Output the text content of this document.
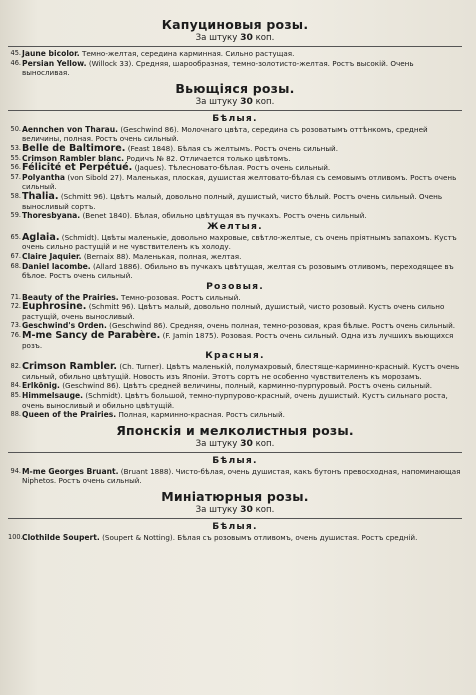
Капуциновыя розы.
За штуку 30 коп.
45. Jaune bicolor. Темно-желтая, середина карминная. Сильно растущая.
46. Persian Yellow. (Willock 33). Средняя, шарообразная, темно-золотисто-желтая. Ростъ высокій. Очень выносливая.
Вьющіяся розы.
За штуку 30 коп.
Бѣлыя.
50. Aennchen von Tharau. (Geschwind 86). Молочнаго цвѣта, середина съ розоватымъ оттѣнкомъ, средней величины, полная. Ростъ очень сильный.
53. Belle de Baltimore. (Feast 1848). Бѣлая съ желтымъ. Ростъ очень сильный.
55. Crimson Rambler blanc. Родичъ № 82. Отличается только цвѣтомъ.
56. Félicité et Perpétué. (Jaques). Тѣлесновато-бѣлая. Ростъ очень сильный.
57. Polyantha (von Sibold 27). Маленькая, плоская, душистая желтовато-бѣлая съ семовымъ отливомъ. Ростъ очень сильный.
58. Thalia. (Schmitt 96). Цвѣтъ малый, довольно полный, душистый, чисто бѣлый. Ростъ очень сильный. Очень выносливый сортъ.
59. Thoresbyana. (Benet 1840). Бѣлая, обильно цвѣтущая въ пучкахъ. Ростъ очень сильный.
Желтыя.
65. Aglaia. (Schmidt). Цвѣты маленькіе, довольно махровые, свѣтло-желтые, съ очень пріятнымъ запахомъ. Кустъ очень сильно растущій и не чувствителенъ къ холоду.
67. Claire Jaquier. (Bernaix 88). Маленькая, полная, желтая.
68. Daniel lacombe. (Allard 1886). Обильно въ пучкахъ цвѣтущая, желтая съ розовымъ отливомъ, переходящее въ бѣлое. Ростъ очень сильный.
Розовыя.
71. Beauty of the Prairies. Темно-розовая. Ростъ сильный.
72. Euphrosine. (Schmitt 96). Цвѣтъ малый, довольно полный, душистый, чисто розовый. Кустъ очень сильно растущій, очень выносливый.
73. Geschwind's Orden. (Geschwind 86). Средняя, очень полная, темно-розовая, края бѣлые. Ростъ очень сильный.
76. M-me Sancy de Parabère. (F. Jamin 1875). Розовая. Ростъ очень сильный. Одна изъ лучшихъ вьющихся розъ.
Красныя.
82. Crimson Rambler. (Ch. Turner). Цвѣтъ маленькій, полумахровый, блестяще-карминно-красный. Кустъ очень сильный, обильно цвѣтущій. Новость изъ Японіи. Этотъ сортъ не особенно чувствителенъ къ морозамъ.
84. Erlkönig. (Geschwind 86). Цвѣтъ средней величины, полный, карминно-пурпуровый. Ростъ очень сильный.
85. Himmelsauge. (Schmidt). Цвѣтъ большой, темно-пурпурово-красный, очень душистый. Кустъ сильнаго роста, очень выносливый и обильно цвѣтущій.
88. Queen of the Prairies. Полная, карминно-красная. Ростъ сильный.
Японскія и мелколистныя розы.
За штуку 30 коп.
Бѣлыя.
94. M-me Georges Bruant. (Bruant 1888). Чисто-бѣлая, очень душистая, какъ бутонъ превосходная, напоминающая Niphetos. Ростъ очень сильный.
Миніатюрныя розы.
За штуку 30 коп.
Бѣлыя.
100. Clothilde Soupert. (Soupert & Notting). Бѣлая съ розовымъ отливомъ, очень душистая. Ростъ средній.
